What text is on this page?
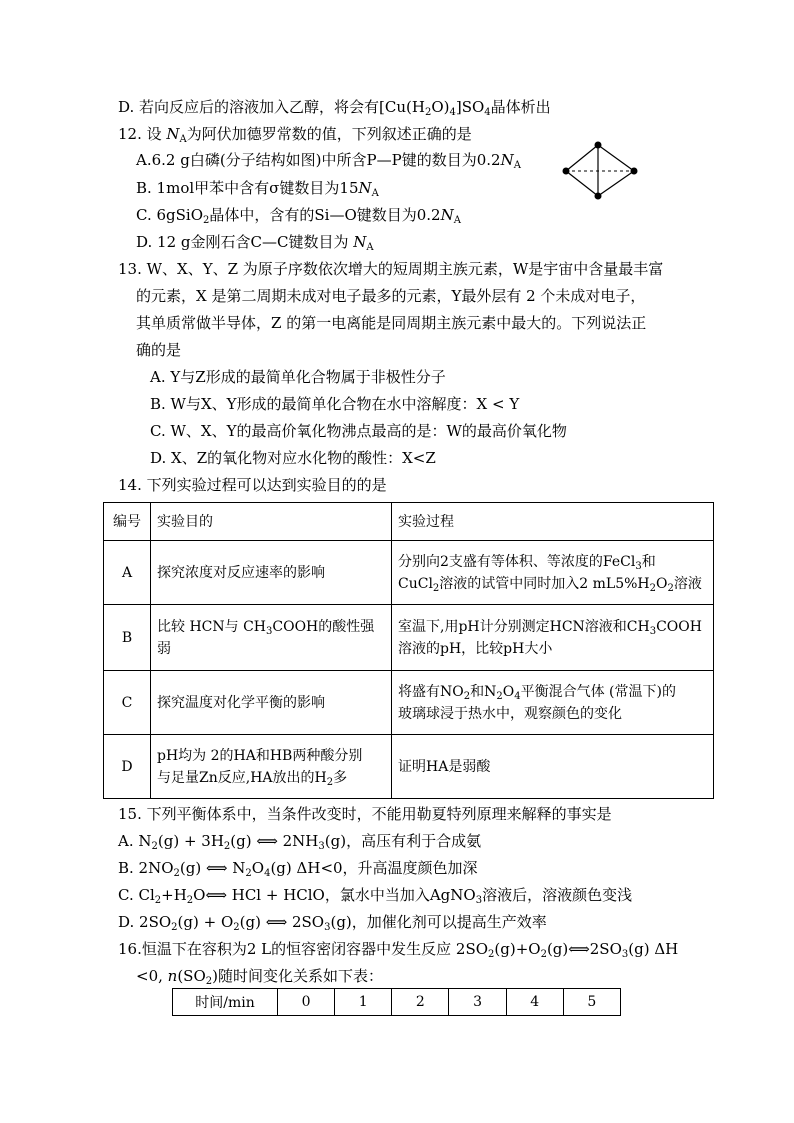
D. 若向反应后的溶液加入乙醇，将会有$[Cu(H_2O)_4]SO_4$晶体析出
12. 设 $N_A$为阿伏加德罗常数的值，下列叙述正确的是
A.6.2 g白磷(分子结构如图)中所含P—P键的数目为$0.2N_A$
B. 1mol甲苯中含有σ键数目为$15N_A$
C. 6gSiO$_2$晶体中，含有的Si—O键数目为$0.2N_A$
D. 12 g金刚石含C—C键数目为 $N_A$
13. W、X、Y、Z 为原子序数依次增大的短周期主族元素，W是宇宙中含量最丰富
的元素，X 是第二周期未成对电子最多的元素，Y最外层有 2 个未成对电子，
其单质常做半导体，Z 的第一电离能是同周期主族元素中最大的。下列说法正
确的是
A. Y与Z形成的最简单化合物属于非极性分子
B. W与X、Y形成的最简单化合物在水中溶解度：X < Y
C. W、X、Y的最高价氧化物沸点最高的是：W的最高价氧化物
D. X、Z的氧化物对应水化物的酸性：X<Z
14. 下列实验过程可以达到实验目的的是
编号	实验目的	实验过程
A	探究浓度对反应速率的影响	分别向2支盛有等体积、等浓度的FeCl$_3$和
CuCl$_2$溶液的试管中同时加入2 $mL5\%H_2O_2$溶液
B	比较 HCN与 $CH_3COOH$的酸性强弱	室温下,用pH计分别测定HCN溶液和$CH_3COOH$
溶液的pH，比较pH大小
C	探究温度对化学平衡的影响	将盛有$NO_2$和$N_2O_4$平衡混合气体 (常温下)的
玻璃球浸于热水中，观察颜色的变化
D	pH均为 2的HA和HB两种酸分别
与足量Zn反应,HA放出的$H_2$多	证明HA是弱酸
15. 下列平衡体系中，当条件改变时，不能用勒夏特列原理来解释的事实是
A. $N_2(g) + 3H_2(g)$ ⟺ $2NH_3(g)$，高压有利于合成氨
B. $2NO_2(g)$ ⟺ $N_2O_4(g)$ ΔH<0，升高温度颜色加深
C. $Cl_2+H_2O⟺$ HCl + HClO，氯水中当加入AgNO$_3$溶液后，溶液颜色变浅
D. $2SO_2(g) + O_2(g)$ ⟺ $2SO_3(g)$，加催化剂可以提高生产效率
16.恒温下在容积为2 L的恒容密闭容器中发生反应 $2SO_2(g)+O_2(g)⟺2SO_3(g)$ ΔH
<0, $n(SO_2)$随时间变化关系如下表：
时间/min	0	1	2	3	4	5
